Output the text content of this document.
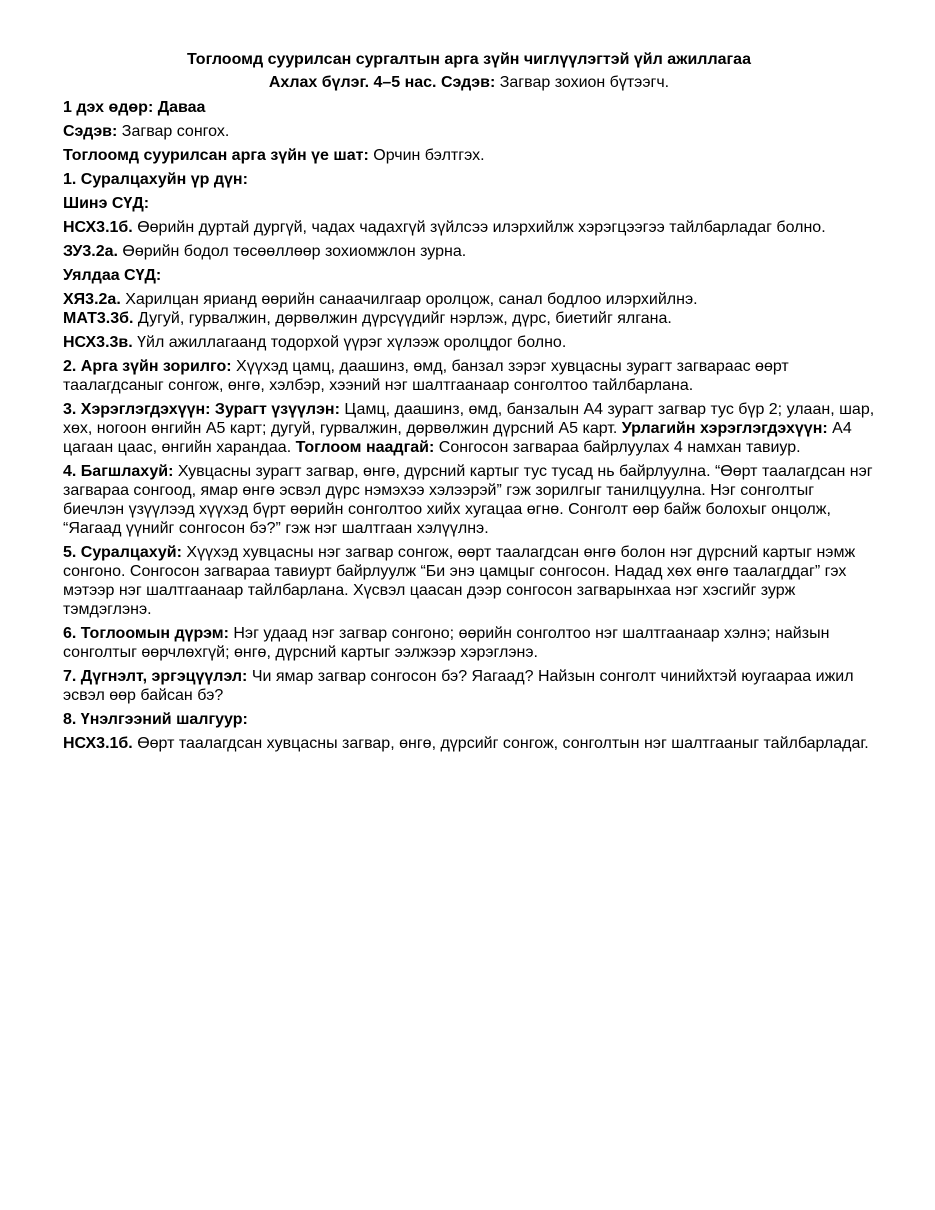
Тоглоомд суурилсан сургалтын арга зүйн чиглүүлэгтэй үйл ажиллагаа

Ахлах бүлэг. 4–5 нас. Сэдэв: Загвар зохион бүтээгч.

1 дэх өдөр: Даваа

Сэдэв: Загвар сонгох.

Тоглоомд суурилсан арга зүйн үе шат: Орчин бэлтгэх.

1. Суралцахуйн үр дүн:

Шинэ СҮД:

НСХ3.1б. Өөрийн дуртай дургүй, чадах чадахгүй зүйлсээ илэрхийлж хэрэгцээгээ тайлбарладаг болно.

ЗУ3.2а. Өөрийн бодол төсөөллөөр зохиомжлон зурна.

Уялдаа СҮД:

ХЯ3.2а. Харилцан ярианд өөрийн санаачилгаар оролцож, санал бодлоо илэрхийлнэ.

МАТ3.3б. Дугуй, гурвалжин, дөрвөлжин дүрсүүдийг нэрлэж, дүрс, биетийг ялгана.

НСХ3.3в. Үйл ажиллагаанд тодорхой үүрэг хүлээж оролцдог болно.

2. Арга зүйн зорилго: Хүүхэд цамц, даашинз, өмд, банзал зэрэг хувцасны зурагт загвараас өөрт таалагдсаныг сонгож, өнгө, хэлбэр, хээний нэг шалтгаанаар сонголтоо тайлбарлана.

3. Хэрэглэгдэхүүн: Зурагт үзүүлэн: Цамц, даашинз, өмд, банзалын А4 зурагт загвар тус бүр 2; улаан, шар, хөх, ногоон өнгийн А5 карт; дугуй, гурвалжин, дөрвөлжин дүрсний А5 карт. Урлагийн хэрэглэгдэхүүн: А4 цагаан цаас, өнгийн харандаа. Тоглоом наадгай: Сонгосон загвараа байрлуулах 4 намхан тавиур.

4. Багшлахуй: Хувцасны зурагт загвар, өнгө, дүрсний картыг тус тусад нь байрлуулна. “Өөрт таалагдсан нэг загвараа сонгоод, ямар өнгө эсвэл дүрс нэмэхээ хэлээрэй” гэж зорилгыг танилцуулна. Нэг сонголтыг биечлэн үзүүлээд хүүхэд бүрт өөрийн сонголтоо хийх хугацаа өгнө. Сонголт өөр байж болохыг онцолж, “Яагаад үүнийг сонгосон бэ?” гэж нэг шалтгаан хэлүүлнэ.

5. Суралцахуй: Хүүхэд хувцасны нэг загвар сонгож, өөрт таалагдсан өнгө болон нэг дүрсний картыг нэмж сонгоно. Сонгосон загвараа тавиурт байрлуулж “Би энэ цамцыг сонгосон. Надад хөх өнгө таалагддаг” гэх мэтээр нэг шалтгаанаар тайлбарлана. Хүсвэл цаасан дээр сонгосон загварынхаа нэг хэсгийг зурж тэмдэглэнэ.

6. Тоглоомын дүрэм: Нэг удаад нэг загвар сонгоно; өөрийн сонголтоо нэг шалтгаанаар хэлнэ; найзын сонголтыг өөрчлөхгүй; өнгө, дүрсний картыг ээлжээр хэрэглэнэ.

7. Дүгнэлт, эргэцүүлэл: Чи ямар загвар сонгосон бэ? Яагаад? Найзын сонголт чинийхтэй юугаараа ижил эсвэл өөр байсан бэ?

8. Үнэлгээний шалгуур:

НСХ3.1б. Өөрт таалагдсан хувцасны загвар, өнгө, дүрсийг сонгож, сонголтын нэг шалтгааныг тайлбарладаг.
